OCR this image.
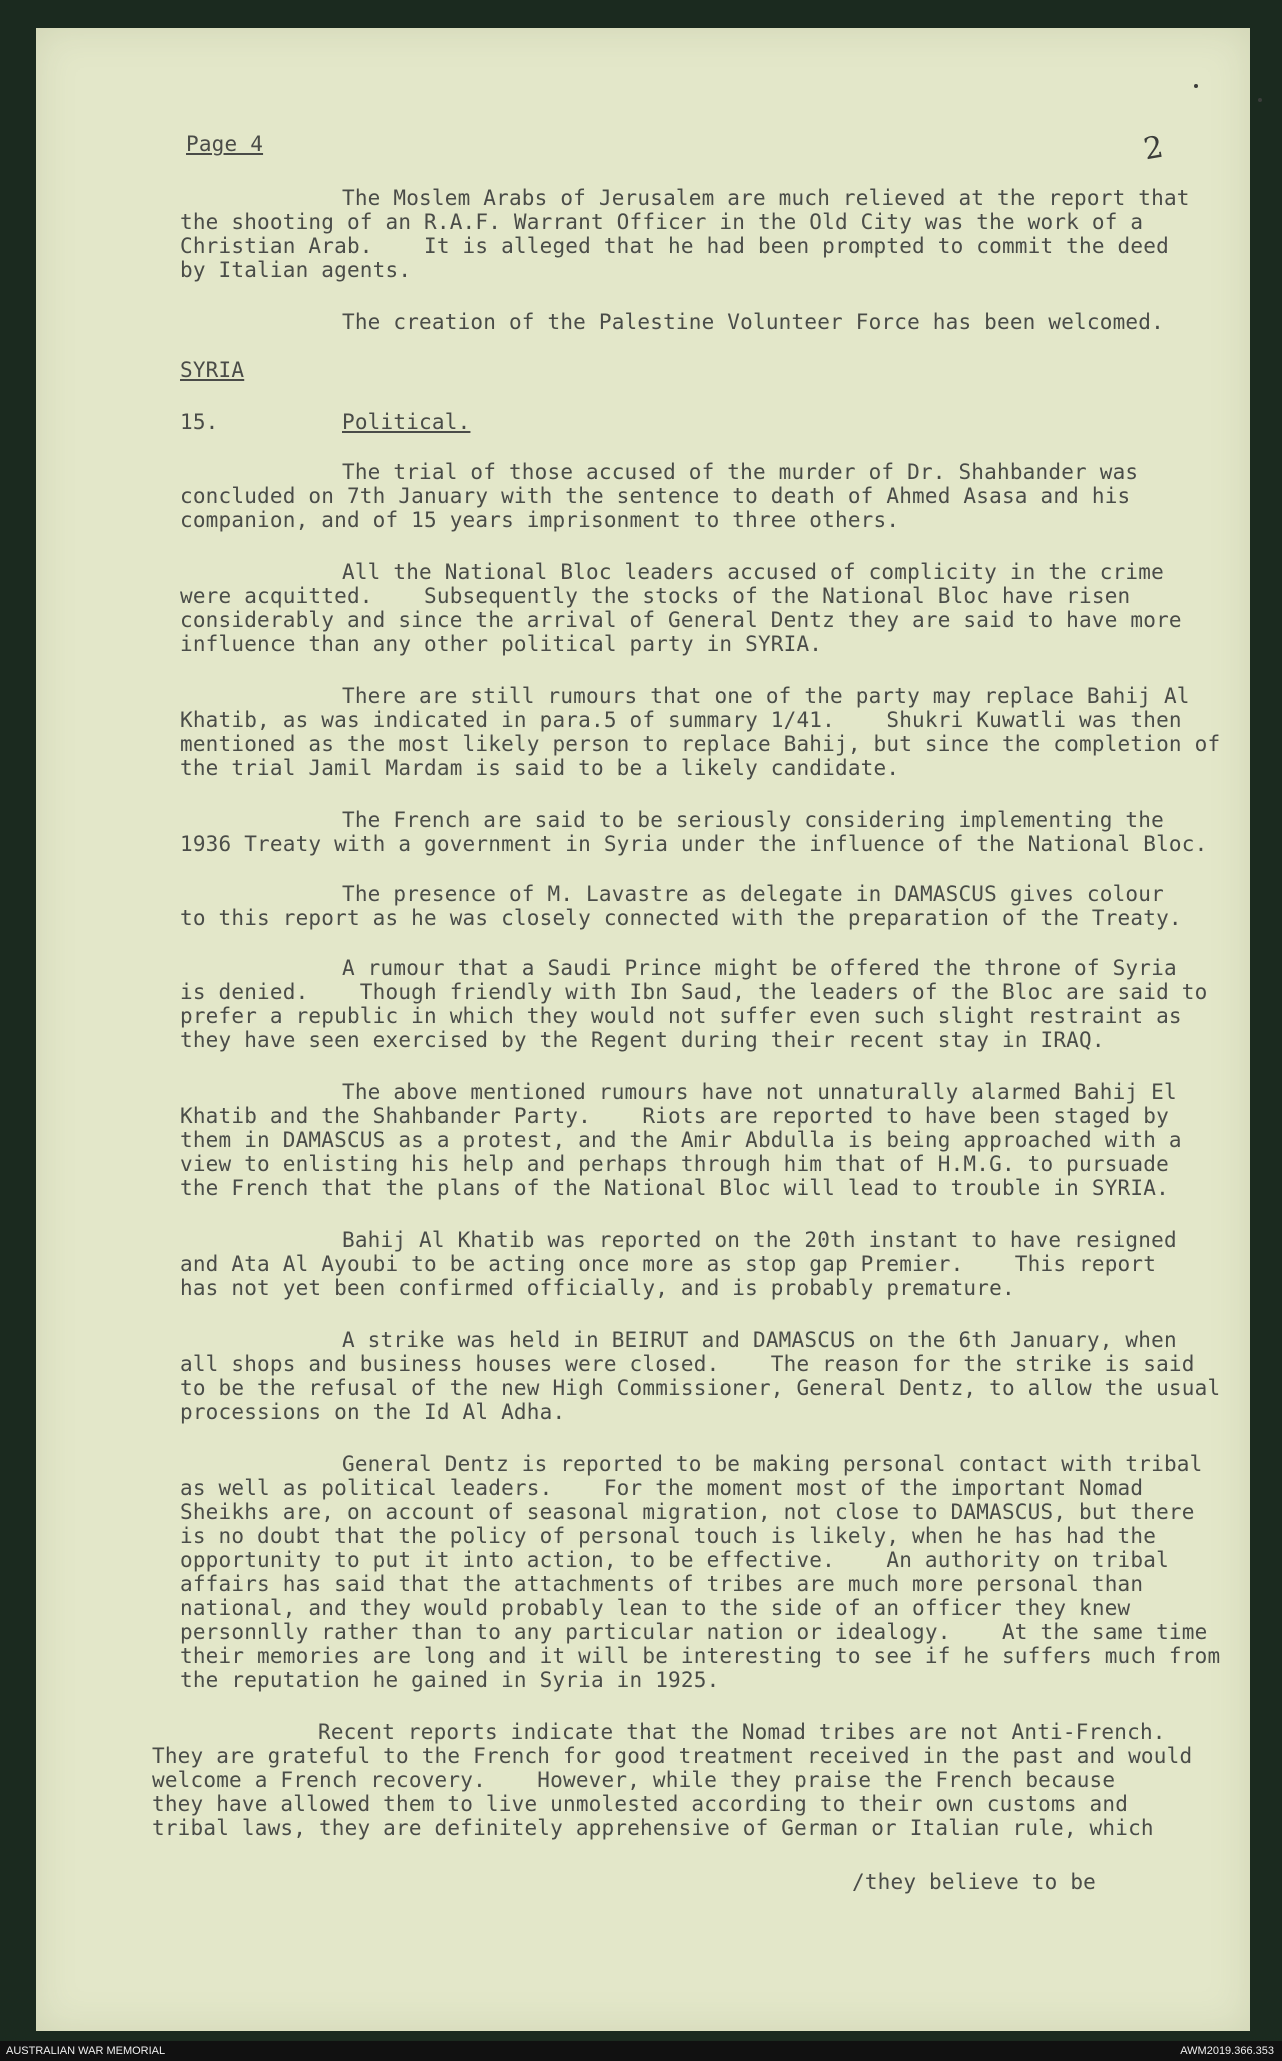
Page 4	2
The Moslem Arabs of Jerusalem are much relieved at the report that
the shooting of an R.A.F. Warrant Officer in the Old City was the work of a
Christian Arab.    It is alleged that he had been prompted to commit the deed
by Italian agents.
The creation of the Palestine Volunteer Force has been welcomed.
SYRIA
15.	Political.
The trial of those accused of the murder of Dr. Shahbander was
concluded on 7th January with the sentence to death of Ahmed Asasa and his
companion, and of 15 years imprisonment to three others.
All the National Bloc leaders accused of complicity in the crime
were acquitted.    Subsequently the stocks of the National Bloc have risen
considerably and since the arrival of General Dentz they are said to have more
influence than any other political party in SYRIA.
There are still rumours that one of the party may replace Bahij Al
Khatib, as was indicated in para.5 of summary 1/41.    Shukri Kuwatli was then
mentioned as the most likely person to replace Bahij, but since the completion of
the trial Jamil Mardam is said to be a likely candidate.
The French are said to be seriously considering implementing the
1936 Treaty with a government in Syria under the influence of the National Bloc.
The presence of M. Lavastre as delegate in DAMASCUS gives colour
to this report as he was closely connected with the preparation of the Treaty.
A rumour that a Saudi Prince might be offered the throne of Syria
is denied.    Though friendly with Ibn Saud, the leaders of the Bloc are said to
prefer a republic in which they would not suffer even such slight restraint as
they have seen exercised by the Regent during their recent stay in IRAQ.
The above mentioned rumours have not unnaturally alarmed Bahij El
Khatib and the Shahbander Party.    Riots are reported to have been staged by
them in DAMASCUS as a protest, and the Amir Abdulla is being approached with a
view to enlisting his help and perhaps through him that of H.M.G. to pursuade
the French that the plans of the National Bloc will lead to trouble in SYRIA.
Bahij Al Khatib was reported on the 20th instant to have resigned
and Ata Al Ayoubi to be acting once more as stop gap Premier.    This report
has not yet been confirmed officially, and is probably premature.
A strike was held in BEIRUT and DAMASCUS on the 6th January, when
all shops and business houses were closed.    The reason for the strike is said
to be the refusal of the new High Commissioner, General Dentz, to allow the usual
processions on the Id Al Adha.
General Dentz is reported to be making personal contact with tribal
as well as political leaders.    For the moment most of the important Nomad
Sheikhs are, on account of seasonal migration, not close to DAMASCUS, but there
is no doubt that the policy of personal touch is likely, when he has had the
opportunity to put it into action, to be effective.    An authority on tribal
affairs has said that the attachments of tribes are much more personal than
national, and they would probably lean to the side of an officer they knew
personnlly rather than to any particular nation or idealogy.    At the same time
their memories are long and it will be interesting to see if he suffers much from
the reputation he gained in Syria in 1925.
Recent reports indicate that the Nomad tribes are not Anti-French.
They are grateful to the French for good treatment received in the past and would
welcome a French recovery.    However, while they praise the French because
they have allowed them to live unmolested according to their own customs and
tribal laws, they are definitely apprehensive of German or Italian rule, which
/they believe to be
AUSTRALIAN WAR MEMORIAL	AWM2019.366.353
